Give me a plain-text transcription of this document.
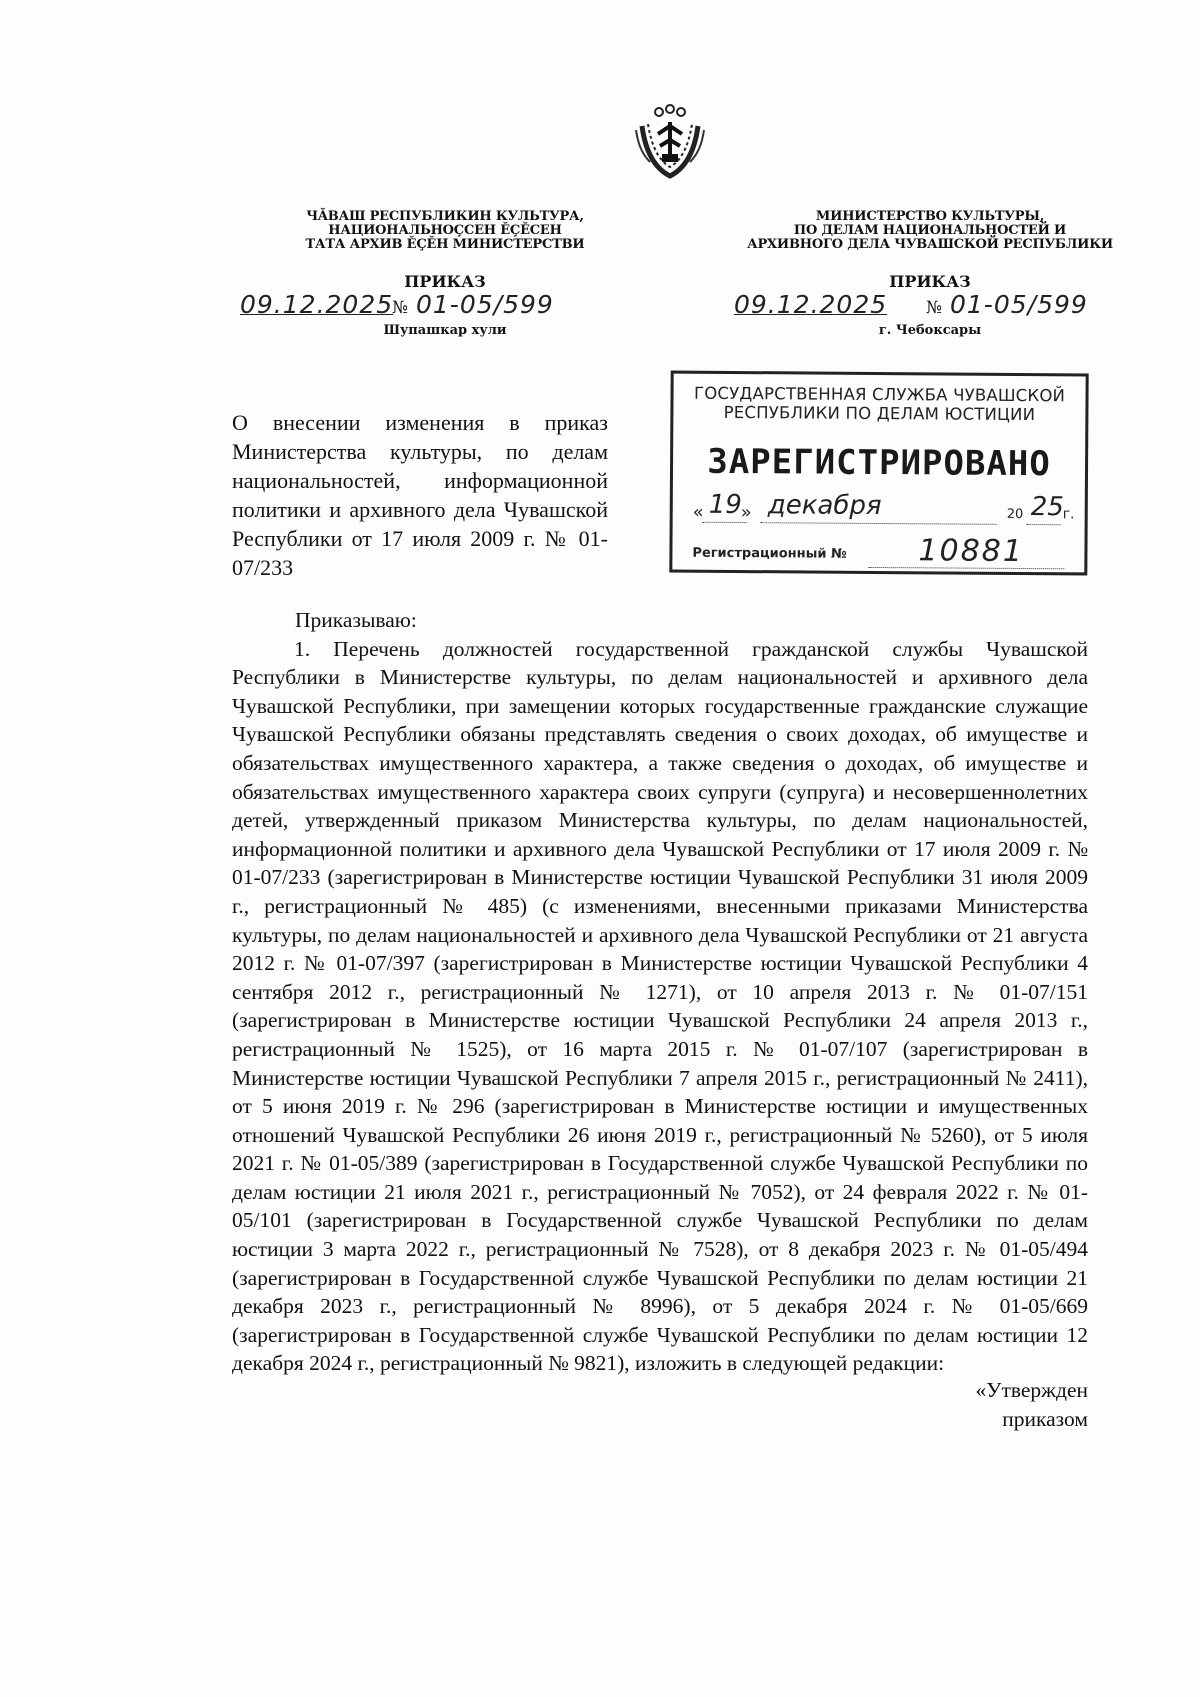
ЧĂВАШ РЕСПУБЛИКИН КУЛЬТУРА,
НАЦИОНАЛЬНОÇСЕН ĔÇĔСЕН
ТАТА АРХИВ ĔÇĔН МИНИСТЕРСТВИ
ПРИКАЗ
09.12.2025
№ 01-05/599
Шупашкар хули
МИНИСТЕРСТВО КУЛЬТУРЫ,
ПО ДЕЛАМ НАЦИОНАЛЬНОСТЕЙ И
АРХИВНОГО ДЕЛА ЧУВАШСКОЙ РЕСПУБЛИКИ
ПРИКАЗ
09.12.2025 № 01-05/599
г. Чебоксары
О внесении изменения в приказ Министерства культуры, по делам национальностей, информационной политики и архивного дела Чувашской Республики от 17 июля 2009 г. № 01-07/233
ГОСУДАРСТВЕННАЯ СЛУЖБА ЧУВАШСКОЙ
РЕСПУБЛИКИ ПО ДЕЛАМ ЮСТИЦИИ
ЗАРЕГИСТРИРОВАНО
« 19
» декабря	20 25
г.
Регистрационный № 10881

Приказываю:

1. Перечень должностей государственной гражданской службы Чувашской Республики в Министерстве культуры, по делам национальностей и архивного дела Чувашской Республики, при замещении которых государственные гражданские служащие Чувашской Республики обязаны представлять сведения о своих доходах, об имуществе и обязательствах имущественного характера, а также сведения о доходах, об имуществе и обязательствах имущественного характера своих супруги (супруга) и несовершеннолетних детей, утвержденный приказом Министерства культуры, по делам национальностей, информационной политики и архивного дела Чувашской Республики от 17 июля 2009 г. № 01-07/233 (зарегистрирован в Министерстве юстиции Чувашской Республики 31 июля 2009 г., регистрационный № 485) (с изменениями, внесенными приказами Министерства культуры, по делам национальностей и архивного дела Чувашской Республики от 21 августа 2012 г. № 01-07/397 (зарегистрирован в Министерстве юстиции Чувашской Республики 4 сентября 2012 г., регистрационный № 1271), от 10 апреля 2013 г. № 01-07/151 (зарегистрирован в Министерстве юстиции Чувашской Республики 24 апреля 2013 г., регистрационный № 1525), от 16 марта 2015 г. № 01-07/107 (зарегистрирован в Министерстве юстиции Чувашской Республики 7 апреля 2015 г., регистрационный № 2411), от 5 июня 2019 г. № 296 (зарегистрирован в Министерстве юстиции и имущественных отношений Чувашской Республики 26 июня 2019 г., регистрационный № 5260), от 5 июля 2021 г. № 01-05/389 (зарегистрирован в Государственной службе Чувашской Республики по делам юстиции 21 июля 2021 г., регистрационный № 7052), от 24 февраля 2022 г. № 01-05/101 (зарегистрирован в Государственной службе Чувашской Республики по делам юстиции 3 марта 2022 г., регистрационный № 7528), от 8 декабря 2023 г. № 01-05/494 (зарегистрирован в Государственной службе Чувашской Республики по делам юстиции 21 декабря 2023 г., регистрационный № 8996), от 5 декабря 2024 г. № 01-05/669 (зарегистрирован в Государственной службе Чувашской Республики по делам юстиции 12 декабря 2024 г., регистрационный № 9821), изложить в следующей редакции:

«Утвержден
приказом
